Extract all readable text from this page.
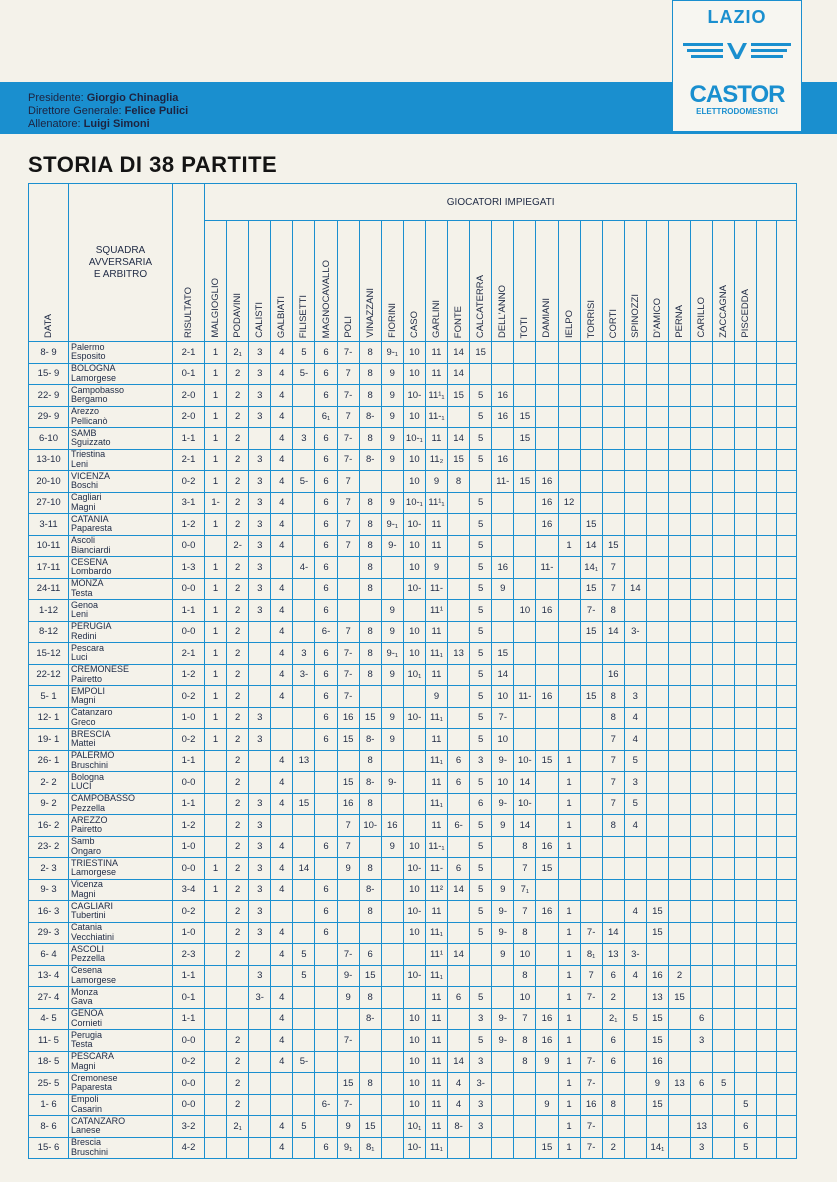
Presidente: Giorgio Chinaglia
Direttore Generale: Felice Pulici
Allenatore: Luigi Simoni
LAZIO
CASTOR
ELETTRODOMESTICI
STORIA DI 38 PARTITE
DATA	SQUADRA
AVVERSARIA
E ARBITRO	RISULTATO	GIOCATORI IMPIEGATI																										
			MALGIOGLIO	PODAVINI	CALISTI	GALBIATI	FILISETTI	MAGNOCAVALLO	POLI	VINAZZANI	FIORINI	CASO	GARLINI	FONTE	CALCATERRA	DELL'ANNO	TOTI	DAMIANI	IELPO	TORRISI	CORTI	SPINOZZI	D'AMICO	PERNA	CARILLO	ZACCAGNA	PISCEDDA		
8- 9	Palermo
Esposito	2-1	1	2₁	3	4	5	6	7-	8	9-₁	10	11	14	15														
15- 9	BOLOGNA
Lamorgese	0-1	1	2	3	4	5-	6	7	8	9	10	11	14															
22- 9	Campobasso
Bergamo	2-0	1	2	3	4		6	7-	8	9	10-	11¹₁	15	5	16													
29- 9	Arezzo
Pellicanò	2-0	1	2	3	4		6₁	7	8-	9	10	11-₁		5	16	15												
6-10	SAMB
Sguizzato	1-1	1	2		4	3	6	7-	8	9	10-₁	11	14	5		15												
13-10	Triestina
Leni	2-1	1	2	3	4		6	7-	8-	9	10	11₂	15	5	16													
20-10	VICENZA
Boschi	0-2	1	2	3	4	5-	6	7			10	9	8		11-	15	16											
27-10	Cagliari
Magni	3-1	1-	2	3	4		6	7	8	9	10-₁	11¹₁		5			16	12										
3-11	CATANIA
Paparesta	1-2	1	2	3	4		6	7	8	9-₁	10-	11		5			16		15									
10-11	Ascoli
Bianciardi	0-0		2-	3	4		6	7	8	9-	10	11		5				1	14	15								
17-11	CESENA
Lombardo	1-3	1	2	3		4-	6		8		10	9		5	16		11-		14₁	7								
24-11	MONZA
Testa	0-0	1	2	3	4		6		8		10-	11-		5	9				15	7	14							
1-12	Genoa
Leni	1-1	1	2	3	4		6			9		11¹		5		10	16		7-	8								
8-12	PERUGIA
Redini	0-0	1	2		4		6-	7	8	9	10	11		5					15	14	3-							
15-12	Pescara
Luci	2-1	1	2		4	3	6	7-	8	9-₁	10	11₁	13	5	15													
22-12	CREMONESE
Pairetto	1-2	1	2		4	3-	6	7-	8	9	10₁	11		5	14					16								
5- 1	EMPOLI
Magni	0-2	1	2		4		6	7-				9		5	10	11-	16		15	8	3							
12- 1	Catanzaro
Greco	1-0	1	2	3			6	16	15	9	10-	11₁		5	7-					8	4							
19- 1	BRESCIA
Mattei	0-2	1	2	3			6	15	8-	9		11		5	10					7	4							
26- 1	PALERMO
Bruschini	1-1		2		4	13			8			11₁	6	3	9-	10-	15	1		7	5							
2- 2	Bologna
LUCI	0-0		2		4			15	8-	9-		11	6	5	10	14		1		7	3							
9- 2	CAMPOBASSO
Pezzella	1-1		2	3	4	15		16	8			11₁		6	9-	10-		1		7	5							
16- 2	AREZZO
Pairetto	1-2		2	3				7	10-	16		11	6-	5	9	14		1		8	4							
23- 2	Samb
Ongaro	1-0		2	3	4		6	7		9	10	11-₁		5		8	16	1										
2- 3	TRIESTINA
Lamorgese	0-0	1	2	3	4	14		9	8		10-	11-	6	5		7	15											
9- 3	Vicenza
Magni	3-4	1	2	3	4		6		8-		10	11²	14	5	9	7₁												
16- 3	CAGLIARI
Tubertini	0-2		2	3			6		8		10-	11		5	9-	7	16	1			4	15						
29- 3	Catania
Vecchiatini	1-0		2	3	4		6				10	11₁		5	9-	8		1	7-	14		15						
6- 4	ASCOLI
Pezzella	2-3		2		4	5		7-	6			11¹	14		9	10		1	8₁	13	3-							
13- 4	Cesena
Lamorgese	1-1			3		5		9-	15		10-	11₁				8		1	7	6	4	16	2					
27- 4	Monza
Gava	0-1			3-	4			9	8			11	6	5		10		1	7-	2		13	15					
4- 5	GENOA
Cornieti	1-1				4				8-		10	11		3	9-	7	16	1		2₁	5	15		6				
11- 5	Perugia
Testa	0-0		2		4			7-			10	11		5	9-	8	16	1		6		15		3				
18- 5	PESCARA
Magni	0-2		2		4	5-					10	11	14	3		8	9	1	7-	6		16						
25- 5	Cremonese
Paparesta	0-0		2					15	8		10	11	4	3-				1	7-			9	13	6	5			
1- 6	Empoli
Casarin	0-0		2				6-	7-			10	11	4	3			9	1	16	8		15				5		
8- 6	CATANZARO
Lanese	3-2		2₁		4	5		9	15		10₁	11	8-	3				1	7-					13		6		
15- 6	Brescia
Bruschini	4-2				4		6	9₁	8₁		10-	11₁					15	1	7-	2		14₁		3		5		
